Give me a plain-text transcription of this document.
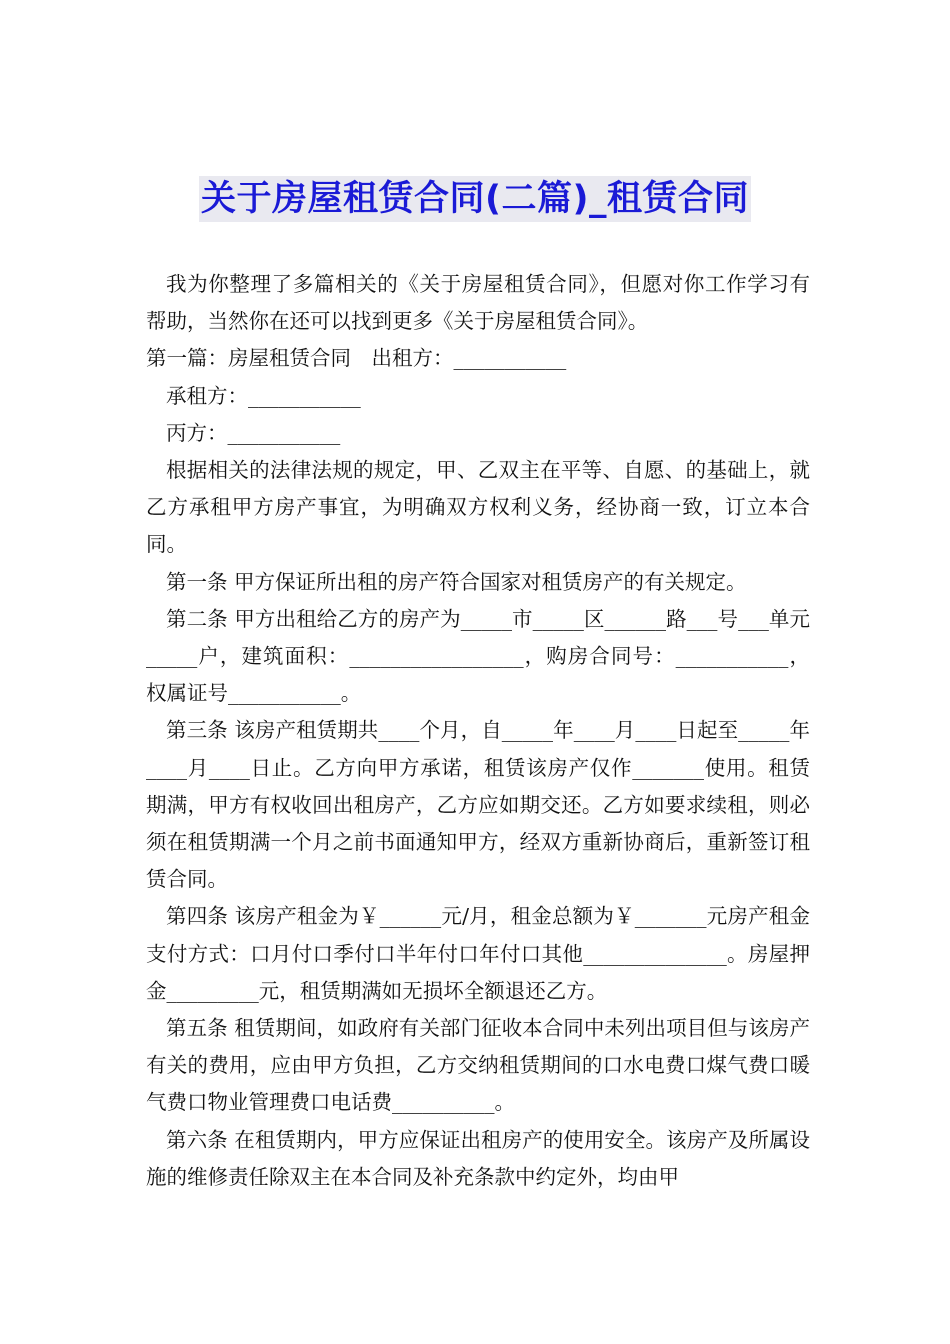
关于房屋租赁合同(二篇)_租赁合同

我为你整理了多篇相关的《关于房屋租赁合同》，但愿对你工作学习有帮助，当然你在还可以找到更多《关于房屋租赁合同》。

第一篇：房屋租赁合同　出租方：___________

承租方：___________

丙方：___________

根据相关的法律法规的规定，甲、乙双主在平等、自愿、的基础上，就乙方承租甲方房产事宜，为明确双方权利义务，经协商一致，订立本合同。

第一条 甲方保证所出租的房产符合国家对租赁房产的有关规定。

第二条 甲方出租给乙方的房产为_____市_____区______路___号___单元_____户，建筑面积：_________________，购房合同号：___________，权属证号___________。

第三条 该房产租赁期共____个月，自_____年____月____日起至_____年____月____日止。乙方向甲方承诺，租赁该房产仅作_______使用。租赁期满，甲方有权收回出租房产，乙方应如期交还。乙方如要求续租，则必须在租赁期满一个月之前书面通知甲方，经双方重新协商后，重新签订租赁合同。

第四条 该房产租金为￥______元/月，租金总额为￥_______元房产租金支付方式：口月付口季付口半年付口年付口其他______________。房屋押金_________元，租赁期满如无损坏全额退还乙方。

第五条 租赁期间，如政府有关部门征收本合同中未列出项目但与该房产有关的费用，应由甲方负担，乙方交纳租赁期间的口水电费口煤气费口暖气费口物业管理费口电话费__________。

第六条 在租赁期内，甲方应保证出租房产的使用安全。该房产及所属设施的维修责任除双主在本合同及补充条款中约定外，均由甲
